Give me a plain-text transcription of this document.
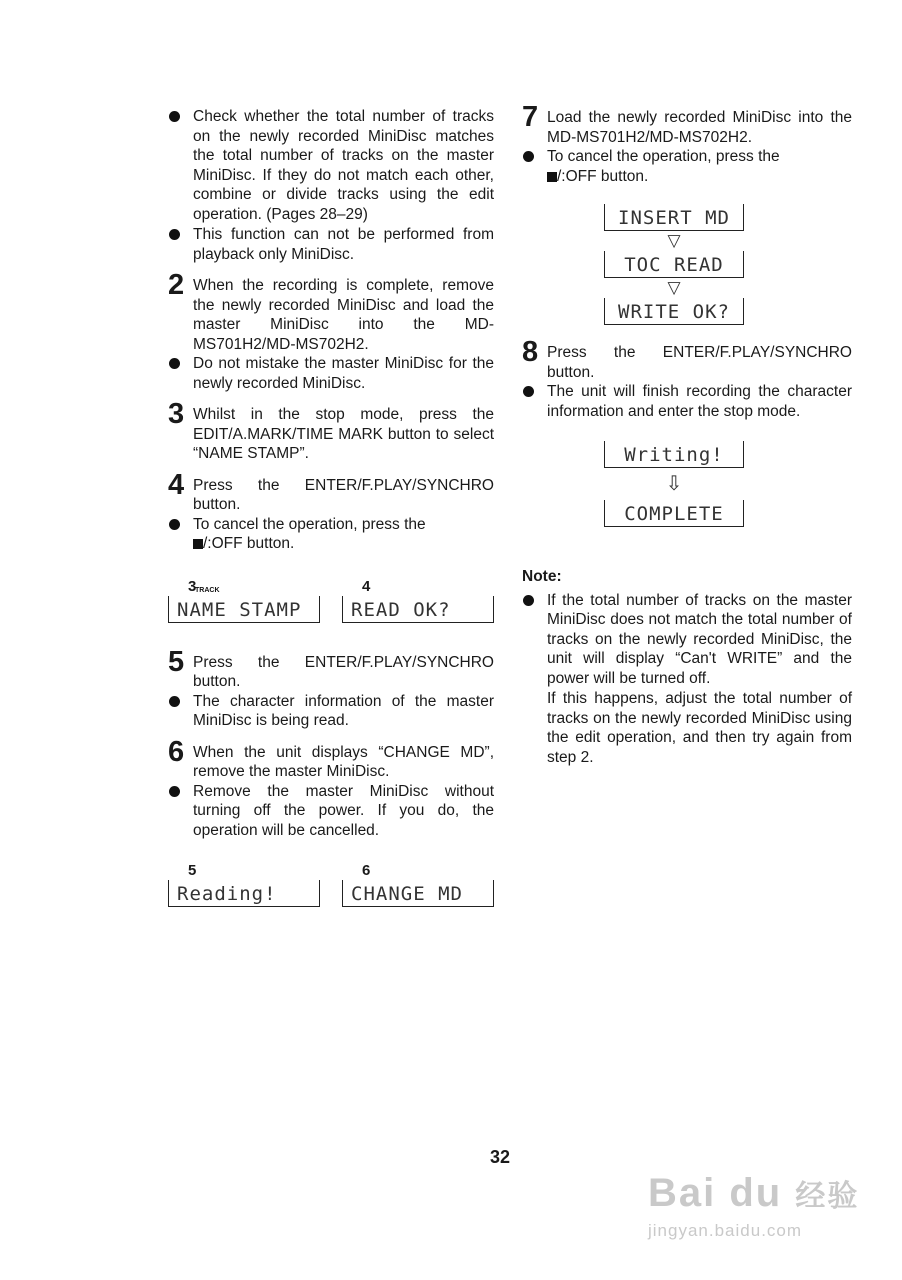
Check whether the total number of tracks on the newly recorded MiniDisc matches the total number of tracks on the master MiniDisc. If they do not match each other, combine or divide tracks using the edit operation. (Pages 28–29)
This function can not be performed from playback only MiniDisc.
2 When the recording is complete, remove the newly recorded MiniDisc and load the master MiniDisc into the MD-MS701H2/MD-MS702H2.
Do not mistake the master MiniDisc for the newly recorded MiniDisc.
3 Whilst in the stop mode, press the EDIT/A.MARK/TIME MARK button to select “NAME STAMP”.
4 Press the ENTER/F.PLAY/SYNCHRO button.
To cancel the operation, press the
/:OFF button.
3
TRACK
NAME STAMP
4
READ OK?
5 Press the ENTER/F.PLAY/SYNCHRO button.
The character information of the master MiniDisc is being read.
6 When the unit displays “CHANGE MD”, remove the master MiniDisc.
Remove the master MiniDisc without turning off the power. If you do, the operation will be cancelled.
5
Reading!
6
CHANGE MD
7 Load the newly recorded MiniDisc into the MD-MS701H2/MD-MS702H2.
To cancel the operation, press the
/:OFF button.
INSERT MD
▽
TOC READ
▽
WRITE OK?
8 Press the ENTER/F.PLAY/SYNCHRO button.
The unit will finish recording the character information and enter the stop mode.
Writing!
⇩
COMPLETE
Note:
If the total number of tracks on the master MiniDisc does not match the total number of tracks on the newly recorded MiniDisc, the unit will display “Can't WRITE” and the power will be turned off.
If this happens, adjust the total number of tracks on the newly recorded MiniDisc using the edit operation, and then try again from step 2.
32
Bai du 经验
jingyan.baidu.com
